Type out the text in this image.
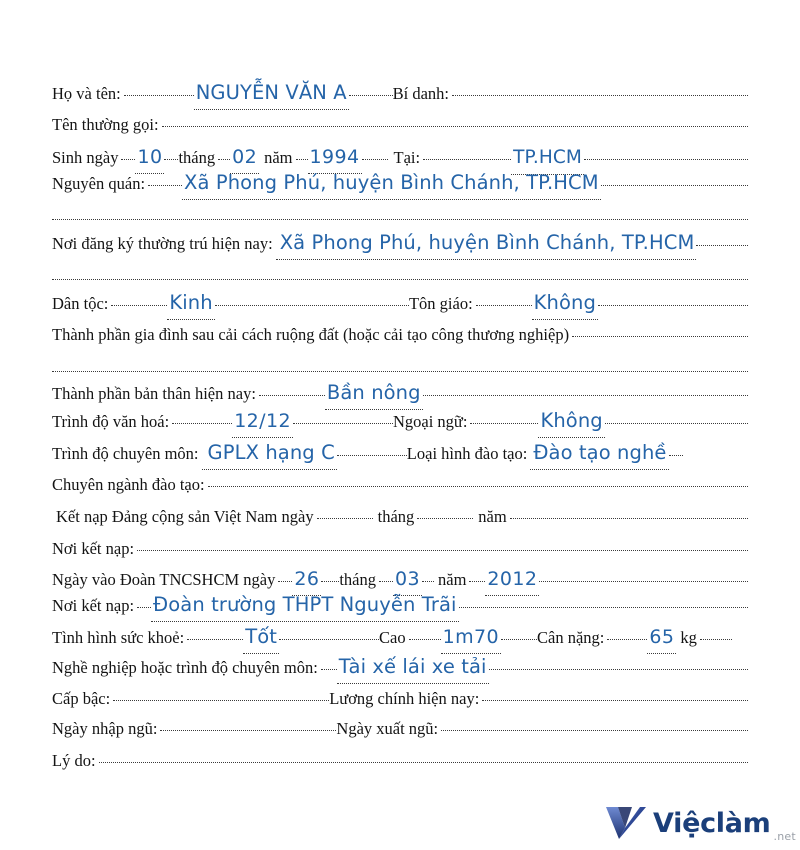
Họ và tên:	NGUYỄN VĂN A	Bí danh:
Tên thường gọi:
Sinh ngày 10 tháng 02 năm 1994	Tại:	TP.HCM
Nguyên quán: Xã Phong Phú, huyện Bình Chánh, TP.HCM
Nơi đăng ký thường trú hiện nay: Xã Phong Phú, huyện Bình Chánh, TP.HCM
Dân tộc:	Kinh	Tôn giáo:	Không
Thành phần gia đình sau cải cách ruộng đất (hoặc cải tạo công thương nghiệp)
Thành phần bản thân hiện nay:	Bần nông
Trình độ văn hoá:	12/12	Ngoại ngữ:	Không
Trình độ chuyên môn: GPLX hạng C	Loại hình đào tạo: Đào tạo nghề
Chuyên ngành đào tạo:
Kết nạp Đảng cộng sản Việt Nam ngày	tháng	năm
Nơi kết nạp:
Ngày vào Đoàn TNCSHCM ngày 26 tháng 03 năm 2012
Nơi kết nạp: Đoàn trường THPT Nguyễn Trãi
Tình hình sức khoẻ:	Tốt	Cao 1m70 Cân nặng: 65 kg
Nghề nghiệp hoặc trình độ chuyên môn: Tài xế lái xe tải
Cấp bậc:	Lương chính hiện nay:
Ngày nhập ngũ:	Ngày xuất ngũ:
Lý do:
Việclàm .net
